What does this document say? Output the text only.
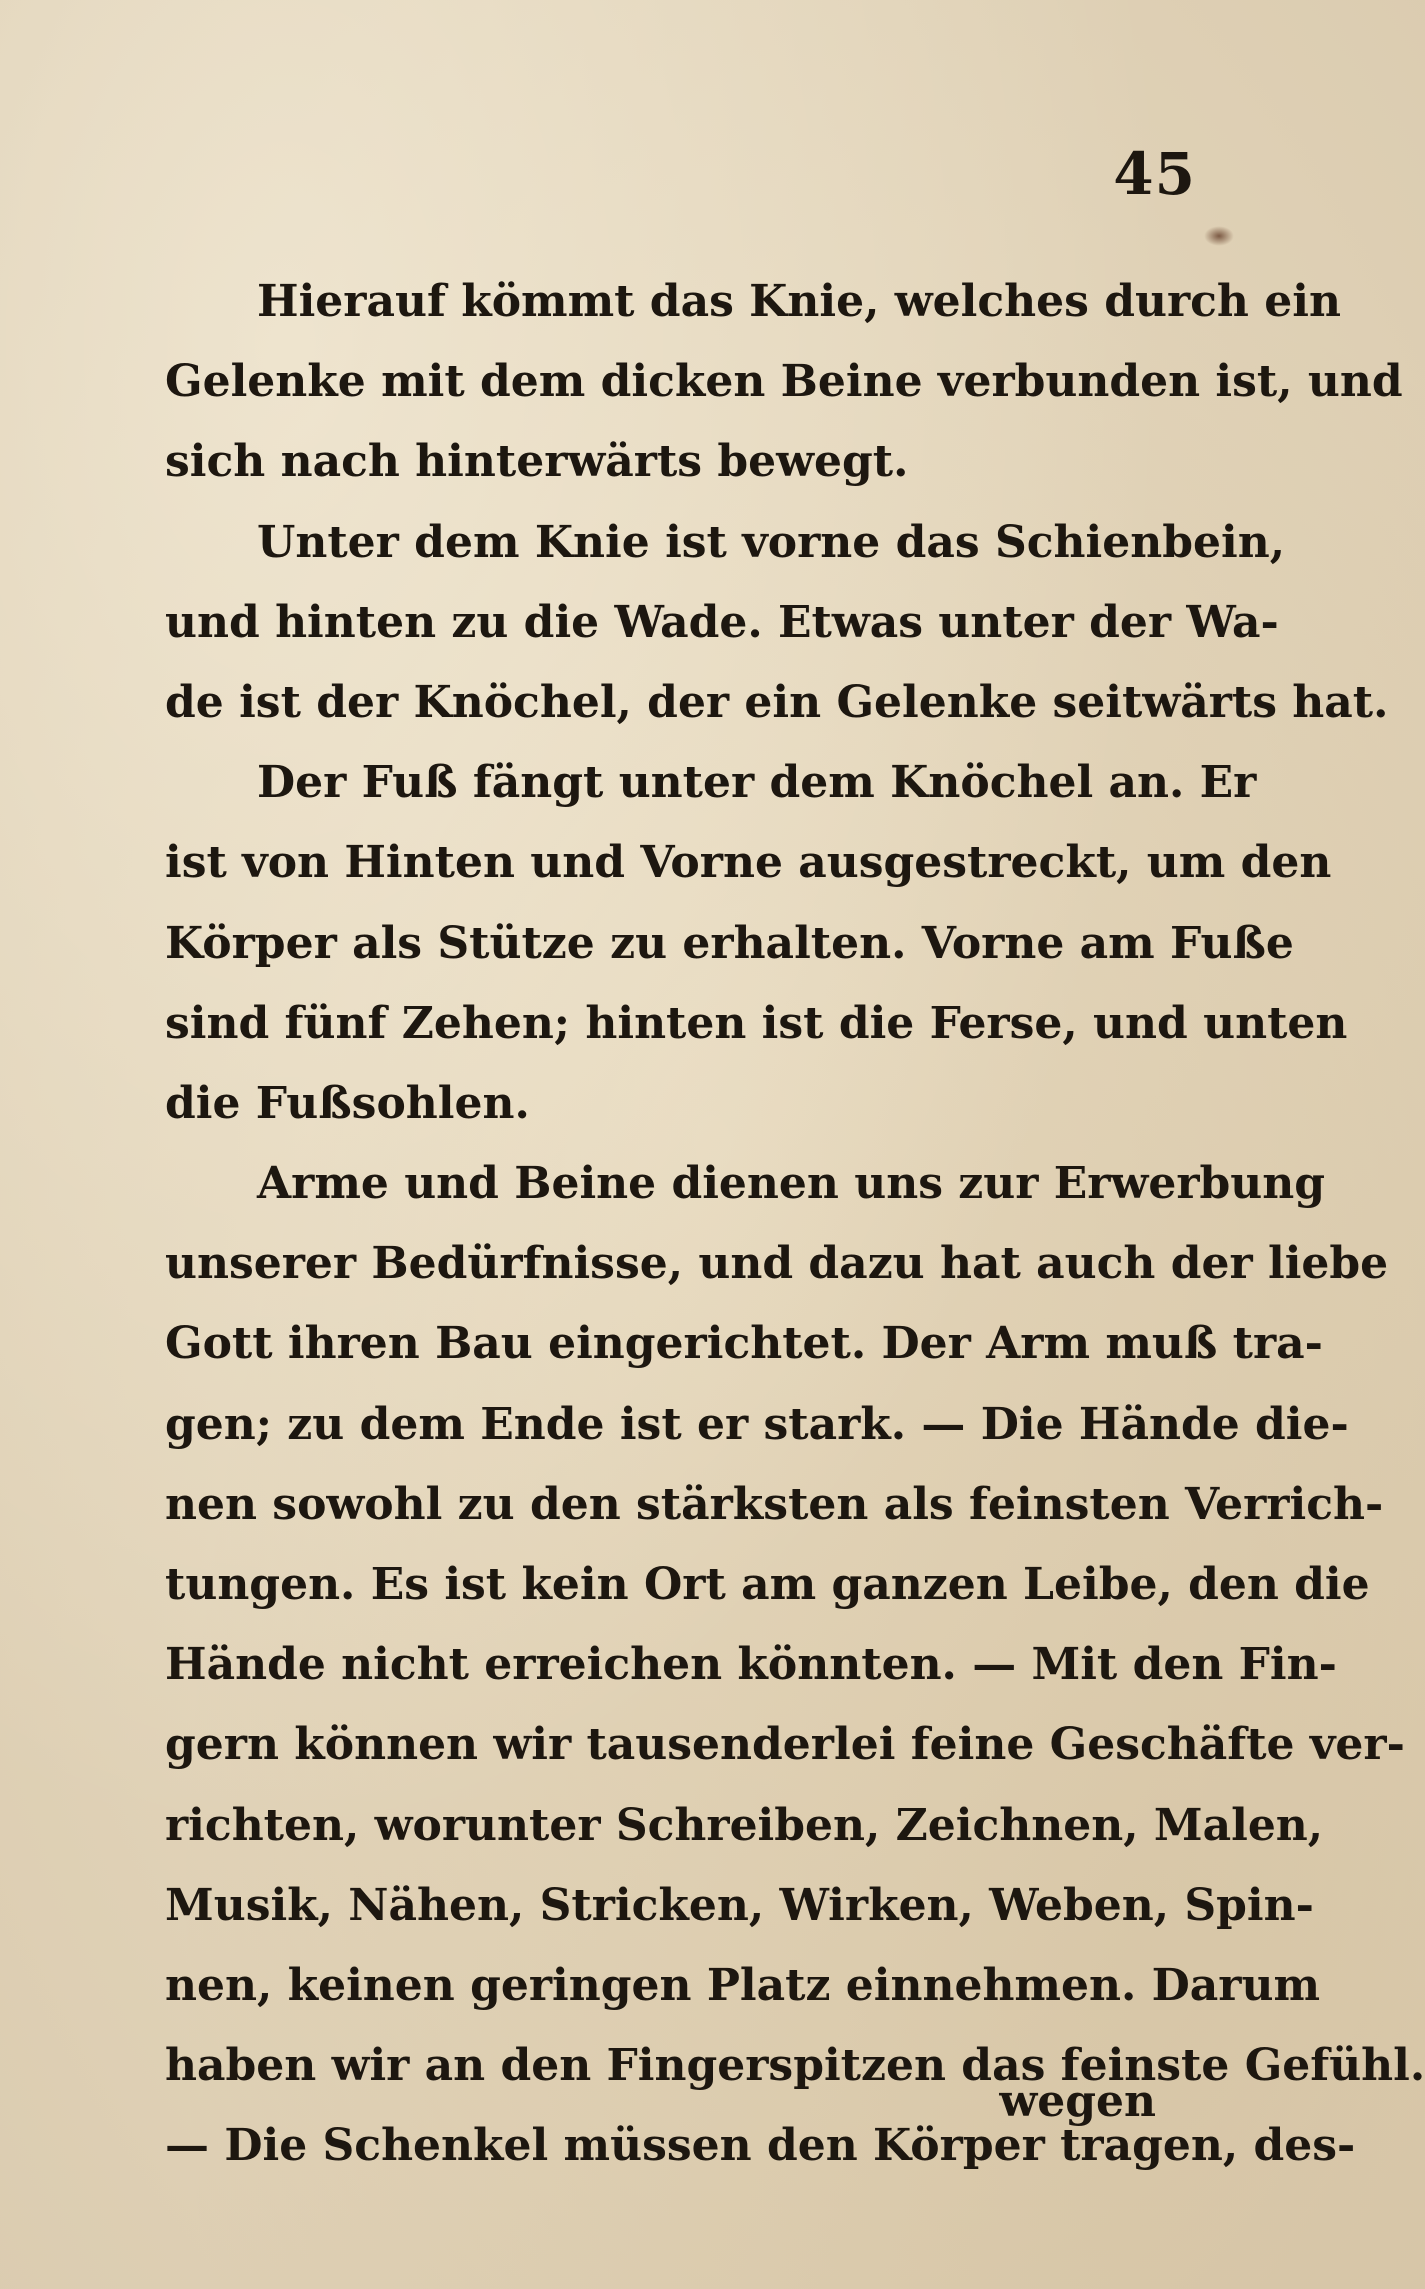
45
Hierauf kömmt das Knie, welches durch ein
Gelenke mit dem dicken Beine verbunden ist, und
sich nach hinterwärts bewegt.
Unter dem Knie ist vorne das Schienbein,
und hinten zu die Wade. Etwas unter der Wa-
de ist der Knöchel, der ein Gelenke seitwärts hat.
Der Fuß fängt unter dem Knöchel an. Er
ist von Hinten und Vorne ausgestreckt, um den
Körper als Stütze zu erhalten. Vorne am Fuße
sind fünf Zehen; hinten ist die Ferse, und unten
die Fußsohlen.
Arme und Beine dienen uns zur Erwerbung
unserer Bedürfnisse, und dazu hat auch der liebe
Gott ihren Bau eingerichtet. Der Arm muß tra-
gen; zu dem Ende ist er stark. — Die Hände die-
nen sowohl zu den stärksten als feinsten Verrich-
tungen. Es ist kein Ort am ganzen Leibe, den die
Hände nicht erreichen könnten. — Mit den Fin-
gern können wir tausenderlei feine Geschäfte ver-
richten, worunter Schreiben, Zeichnen, Malen,
Musik, Nähen, Stricken, Wirken, Weben, Spin-
nen, keinen geringen Platz einnehmen. Darum
haben wir an den Fingerspitzen das feinste Gefühl.
— Die Schenkel müssen den Körper tragen, des-
wegen
